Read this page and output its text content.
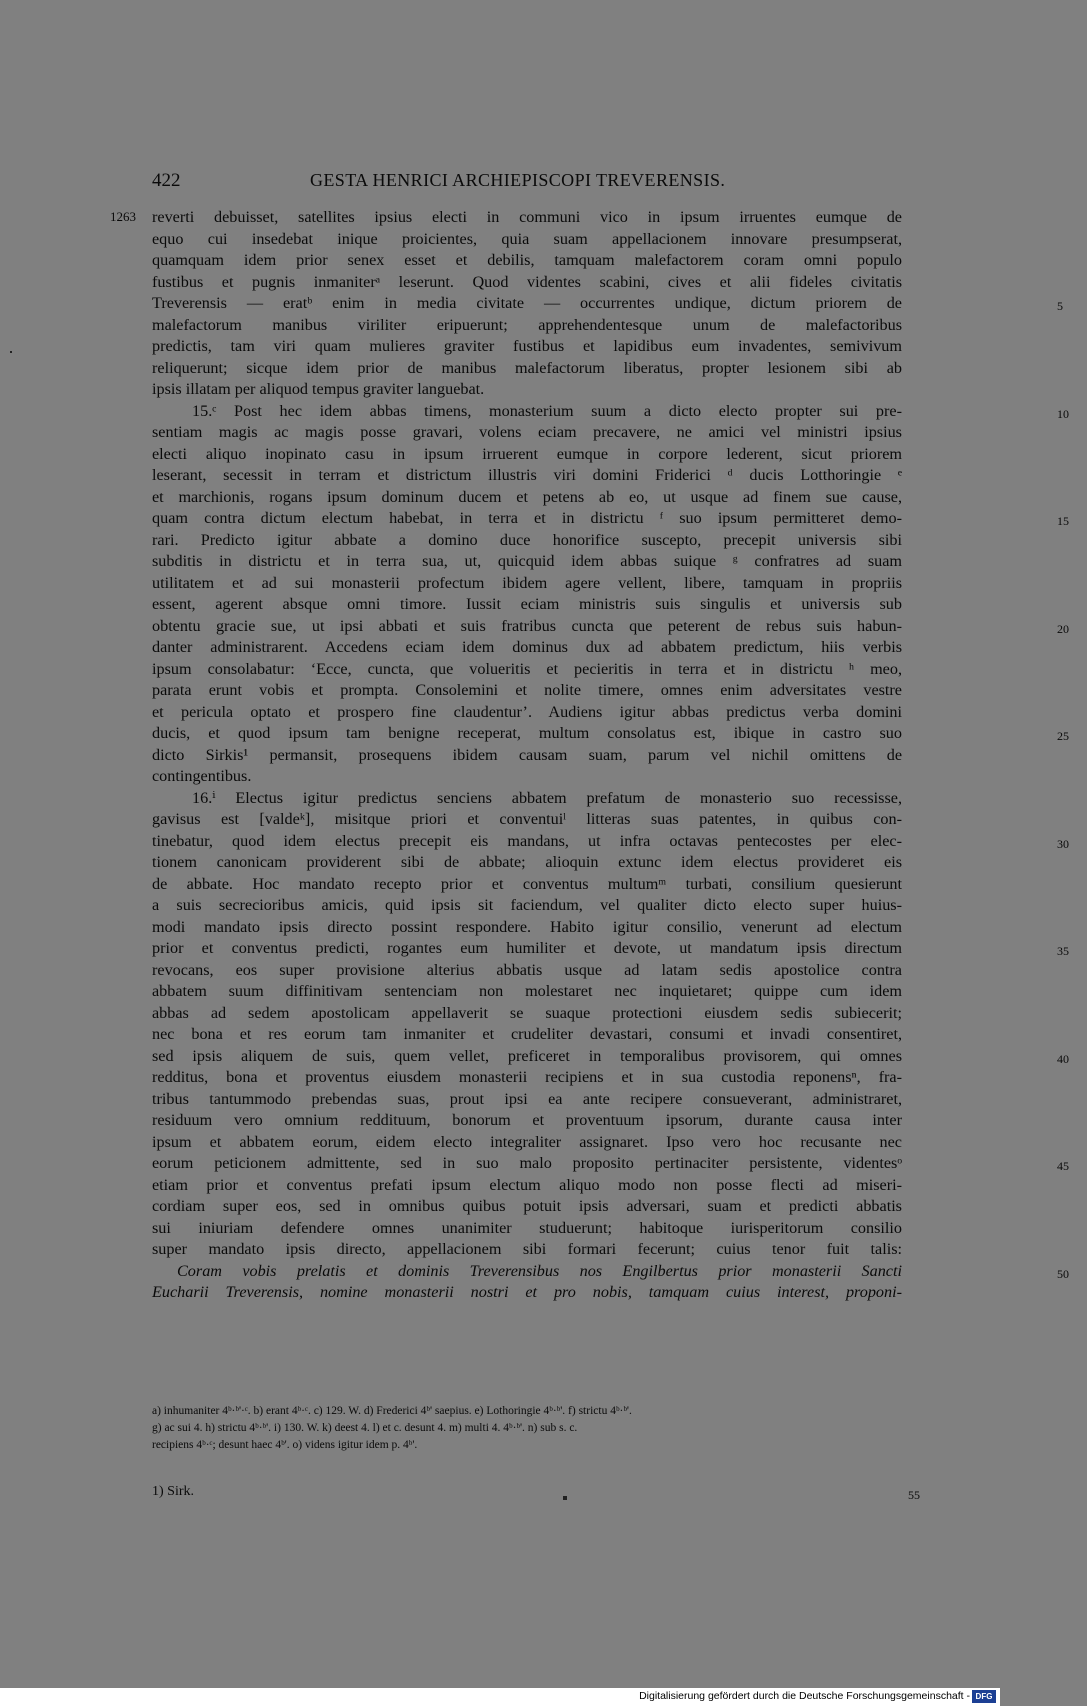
422	GESTA HENRICI ARCHIEPISCOPI TREVERENSIS.
1263
5
10
15
20
25
30
35
40
45
50
reverti debuisset, satellites ipsius electi in communi vico in ipsum irruentes eumque de
equo cui insedebat inique proicientes, quia suam appellacionem innovare presumpserat,
quamquam idem prior senex esset et debilis, tamquam malefactorem coram omni populo
fustibus et pugnis inmaniterᵃ leserunt. Quod videntes scabini, cives et alii fideles civitatis
Treverensis — eratᵇ enim in media civitate — occurrentes undique, dictum priorem de
malefactorum manibus viriliter eripuerunt; apprehendentesque unum de malefactoribus
predictis, tam viri quam mulieres graviter fustibus et lapidibus eum invadentes, semivivum
reliquerunt; sicque idem prior de manibus malefactorum liberatus, propter lesionem sibi ab
ipsis illatam per aliquod tempus graviter languebat.
15.ᶜ Post hec idem abbas timens, monasterium suum a dicto electo propter sui pre-
sentiam magis ac magis posse gravari, volens eciam precavere, ne amici vel ministri ipsius
electi aliquo inopinato casu in ipsum irruerent eumque in corpore lederent, sicut priorem
leserant, secessit in terram et districtum illustris viri domini Friderici ᵈ ducis Lotthoringie ᵉ
et marchionis, rogans ipsum dominum ducem et petens ab eo, ut usque ad finem sue cause,
quam contra dictum electum habebat, in terra et in districtu ᶠ suo ipsum permitteret demo-
rari. Predicto igitur abbate a domino duce honorifice suscepto, precepit universis sibi
subditis in districtu et in terra sua, ut, quicquid idem abbas suique ᵍ confratres ad suam
utilitatem et ad sui monasterii profectum ibidem agere vellent, libere, tamquam in propriis
essent, agerent absque omni timore. Iussit eciam ministris suis singulis et universis sub
obtentu gracie sue, ut ipsi abbati et suis fratribus cuncta que peterent de rebus suis habun-
danter administrarent. Accedens eciam idem dominus dux ad abbatem predictum, hiis verbis
ipsum consolabatur: ‘Ecce, cuncta, que volueritis et pecieritis in terra et in districtu ʰ meo,
parata erunt vobis et prompta. Consolemini et nolite timere, omnes enim adversitates vestre
et pericula optato et prospero fine claudentur’. Audiens igitur abbas predictus verba domini
ducis, et quod ipsum tam benigne receperat, multum consolatus est, ibique in castro suo
dicto Sirkis¹ permansit, prosequens ibidem causam suam, parum vel nichil omittens de
contingentibus.
16.ⁱ Electus igitur predictus senciens abbatem prefatum de monasterio suo recessisse,
gavisus est [valdeᵏ], misitque priori et conventuiˡ litteras suas patentes, in quibus con-
tinebatur, quod idem electus precepit eis mandans, ut infra octavas pentecostes per elec-
tionem canonicam providerent sibi de abbate; alioquin extunc idem electus provideret eis
de abbate. Hoc mandato recepto prior et conventus multumᵐ turbati, consilium quesierunt
a suis secrecioribus amicis, quid ipsis sit faciendum, vel qualiter dicto electo super huius-
modi mandato ipsis directo possint respondere. Habito igitur consilio, venerunt ad electum
prior et conventus predicti, rogantes eum humiliter et devote, ut mandatum ipsis directum
revocans, eos super provisione alterius abbatis usque ad latam sedis apostolice contra
abbatem suum diffinitivam sentenciam non molestaret nec inquietaret; quippe cum idem
abbas ad sedem apostolicam appellaverit se suaque protectioni eiusdem sedis subiecerit;
nec bona et res eorum tam inmaniter et crudeliter devastari, consumi et invadi consentiret,
sed ipsis aliquem de suis, quem vellet, preficeret in temporalibus provisorem, qui omnes
redditus, bona et proventus eiusdem monasterii recipiens et in sua custodia reponensⁿ, fra-
tribus tantummodo prebendas suas, prout ipsi ea ante recipere consueverant, administraret,
residuum vero omnium reddituum, bonorum et proventuum ipsorum, durante causa inter
ipsum et abbatem eorum, eidem electo integraliter assignaret. Ipso vero hoc recusante nec
eorum peticionem admittente, sed in suo malo proposito pertinaciter persistente, videntesᵒ
etiam prior et conventus prefati ipsum electum aliquo modo non posse flecti ad miseri-
cordiam super eos, sed in omnibus quibus potuit ipsis adversari, suam et predicti abbatis
sui iniuriam defendere omnes unanimiter studuerunt; habitoque iurisperitorum consilio
super mandato ipsis directo, appellacionem sibi formari fecerunt; cuius tenor fuit talis:
Coram vobis prelatis et dominis Treverensibus nos Engilbertus prior monasterii Sancti
Eucharii Treverensis, nomine monasterii nostri et pro nobis, tamquam cuius interest, proponi-
a) inhumaniter 4ᵇ·ᵇ'·ᶜ. b) erant 4ᵇ·ᶜ. c) 129. W. d) Frederici 4ᵇ' saepius. e) Lothoringie 4ᵇ·ᵇ'. f) strictu 4ᵇ·ᵇ'.
g) ac sui 4. h) strictu 4ᵇ·ᵇ'. i) 130. W. k) deest 4. l) et c. desunt 4. m) multi 4. 4ᵇ·ᵇ'. n) sub s. c.
recipiens 4ᵇ·ᶜ; desunt haec 4ᵇ'. o) videns igitur idem p. 4ᵇ'.
1) Sirk.	55
Digitalisierung gefördert durch die Deutsche Forschungsgemeinschaft - DFG
